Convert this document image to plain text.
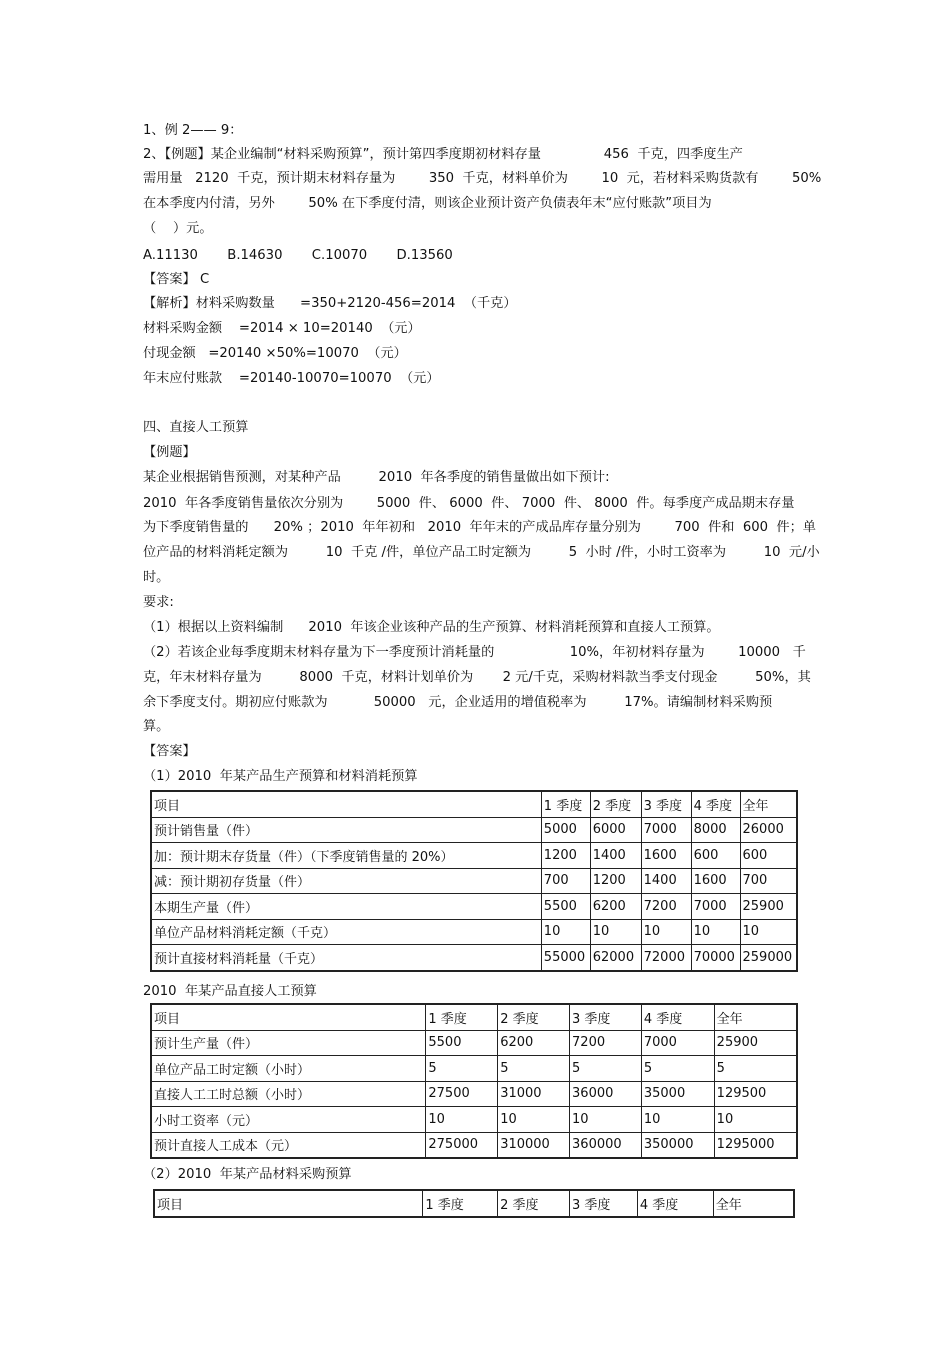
1、例 2—— 9：
2、【例题】某企业编制“材料采购预算”，预计第四季度期初材料存量               456  千克，四季度生产
需用量   2120  千克，预计期末材料存量为        350  千克，材料单价为        10  元，若材料采购货款有        50%
在本季度内付清，另外        50% 在下季度付清，则该企业预计资产负债表年末“应付账款”项目为
（    ）元。
A.11130       B.14630       C.10070       D.13560
【答案】 C
【解析】材料采购数量      =350+2120-456=2014  （千克）
材料采购金额    =2014 × 10=20140  （元）
付现金额   =20140 ×50%=10070  （元）
年末应付账款    =20140-10070=10070  （元）
四、直接人工预算
【例题】
某企业根据销售预测，对某种产品         2010  年各季度的销售量做出如下预计:
2010  年各季度销售量依次分别为        5000  件、 6000  件、 7000  件、 8000  件。每季度产成品期末存量
为下季度销售量的      20% ；2010  年年初和   2010  年年末的产成品库存量分别为        700  件和  600  件；单
位产品的材料消耗定额为         10  千克 /件，单位产品工时定额为         5  小时 /件，小时工资率为         10  元/小
时。
要求:
（1）根据以上资料编制      2010  年该企业该种产品的生产预算、材料消耗预算和直接人工预算。
（2）若该企业每季度期末材料存量为下一季度预计消耗量的                  10%，年初材料存量为        10000   千
克，年末材料存量为         8000  千克，材料计划单价为       2 元/千克，采购材料款当季支付现金         50%，其
余下季度支付。期初应付账款为           50000   元，企业适用的增值税率为         17%。请编制材料采购预
算。
【答案】
（1）2010  年某产品生产预算和材料消耗预算
项目	1 季度	2 季度	3 季度	4 季度	全年
预计销售量（件）	5000	6000	7000	8000	26000
加：预计期末存货量（件）（下季度销售量的 20%）	1200	1400	1600	600	600
减：预计期初存货量（件）	700	1200	1400	1600	700
本期生产量（件）	5500	6200	7200	7000	25900
单位产品材料消耗定额（千克）	10	10	10	10	10
预计直接材料消耗量（千克）	55000	62000	72000	70000	259000
2010  年某产品直接人工预算
项目	1 季度	2 季度	3 季度	4 季度	全年
预计生产量（件）	5500	6200	7200	7000	25900
单位产品工时定额（小时）	5	5	5	5	5
直接人工工时总额（小时）	27500	31000	36000	35000	129500
小时工资率（元）	10	10	10	10	10
预计直接人工成本（元）	275000	310000	360000	350000	1295000
（2）2010  年某产品材料采购预算
项目	1 季度	2 季度	3 季度	4 季度	全年
